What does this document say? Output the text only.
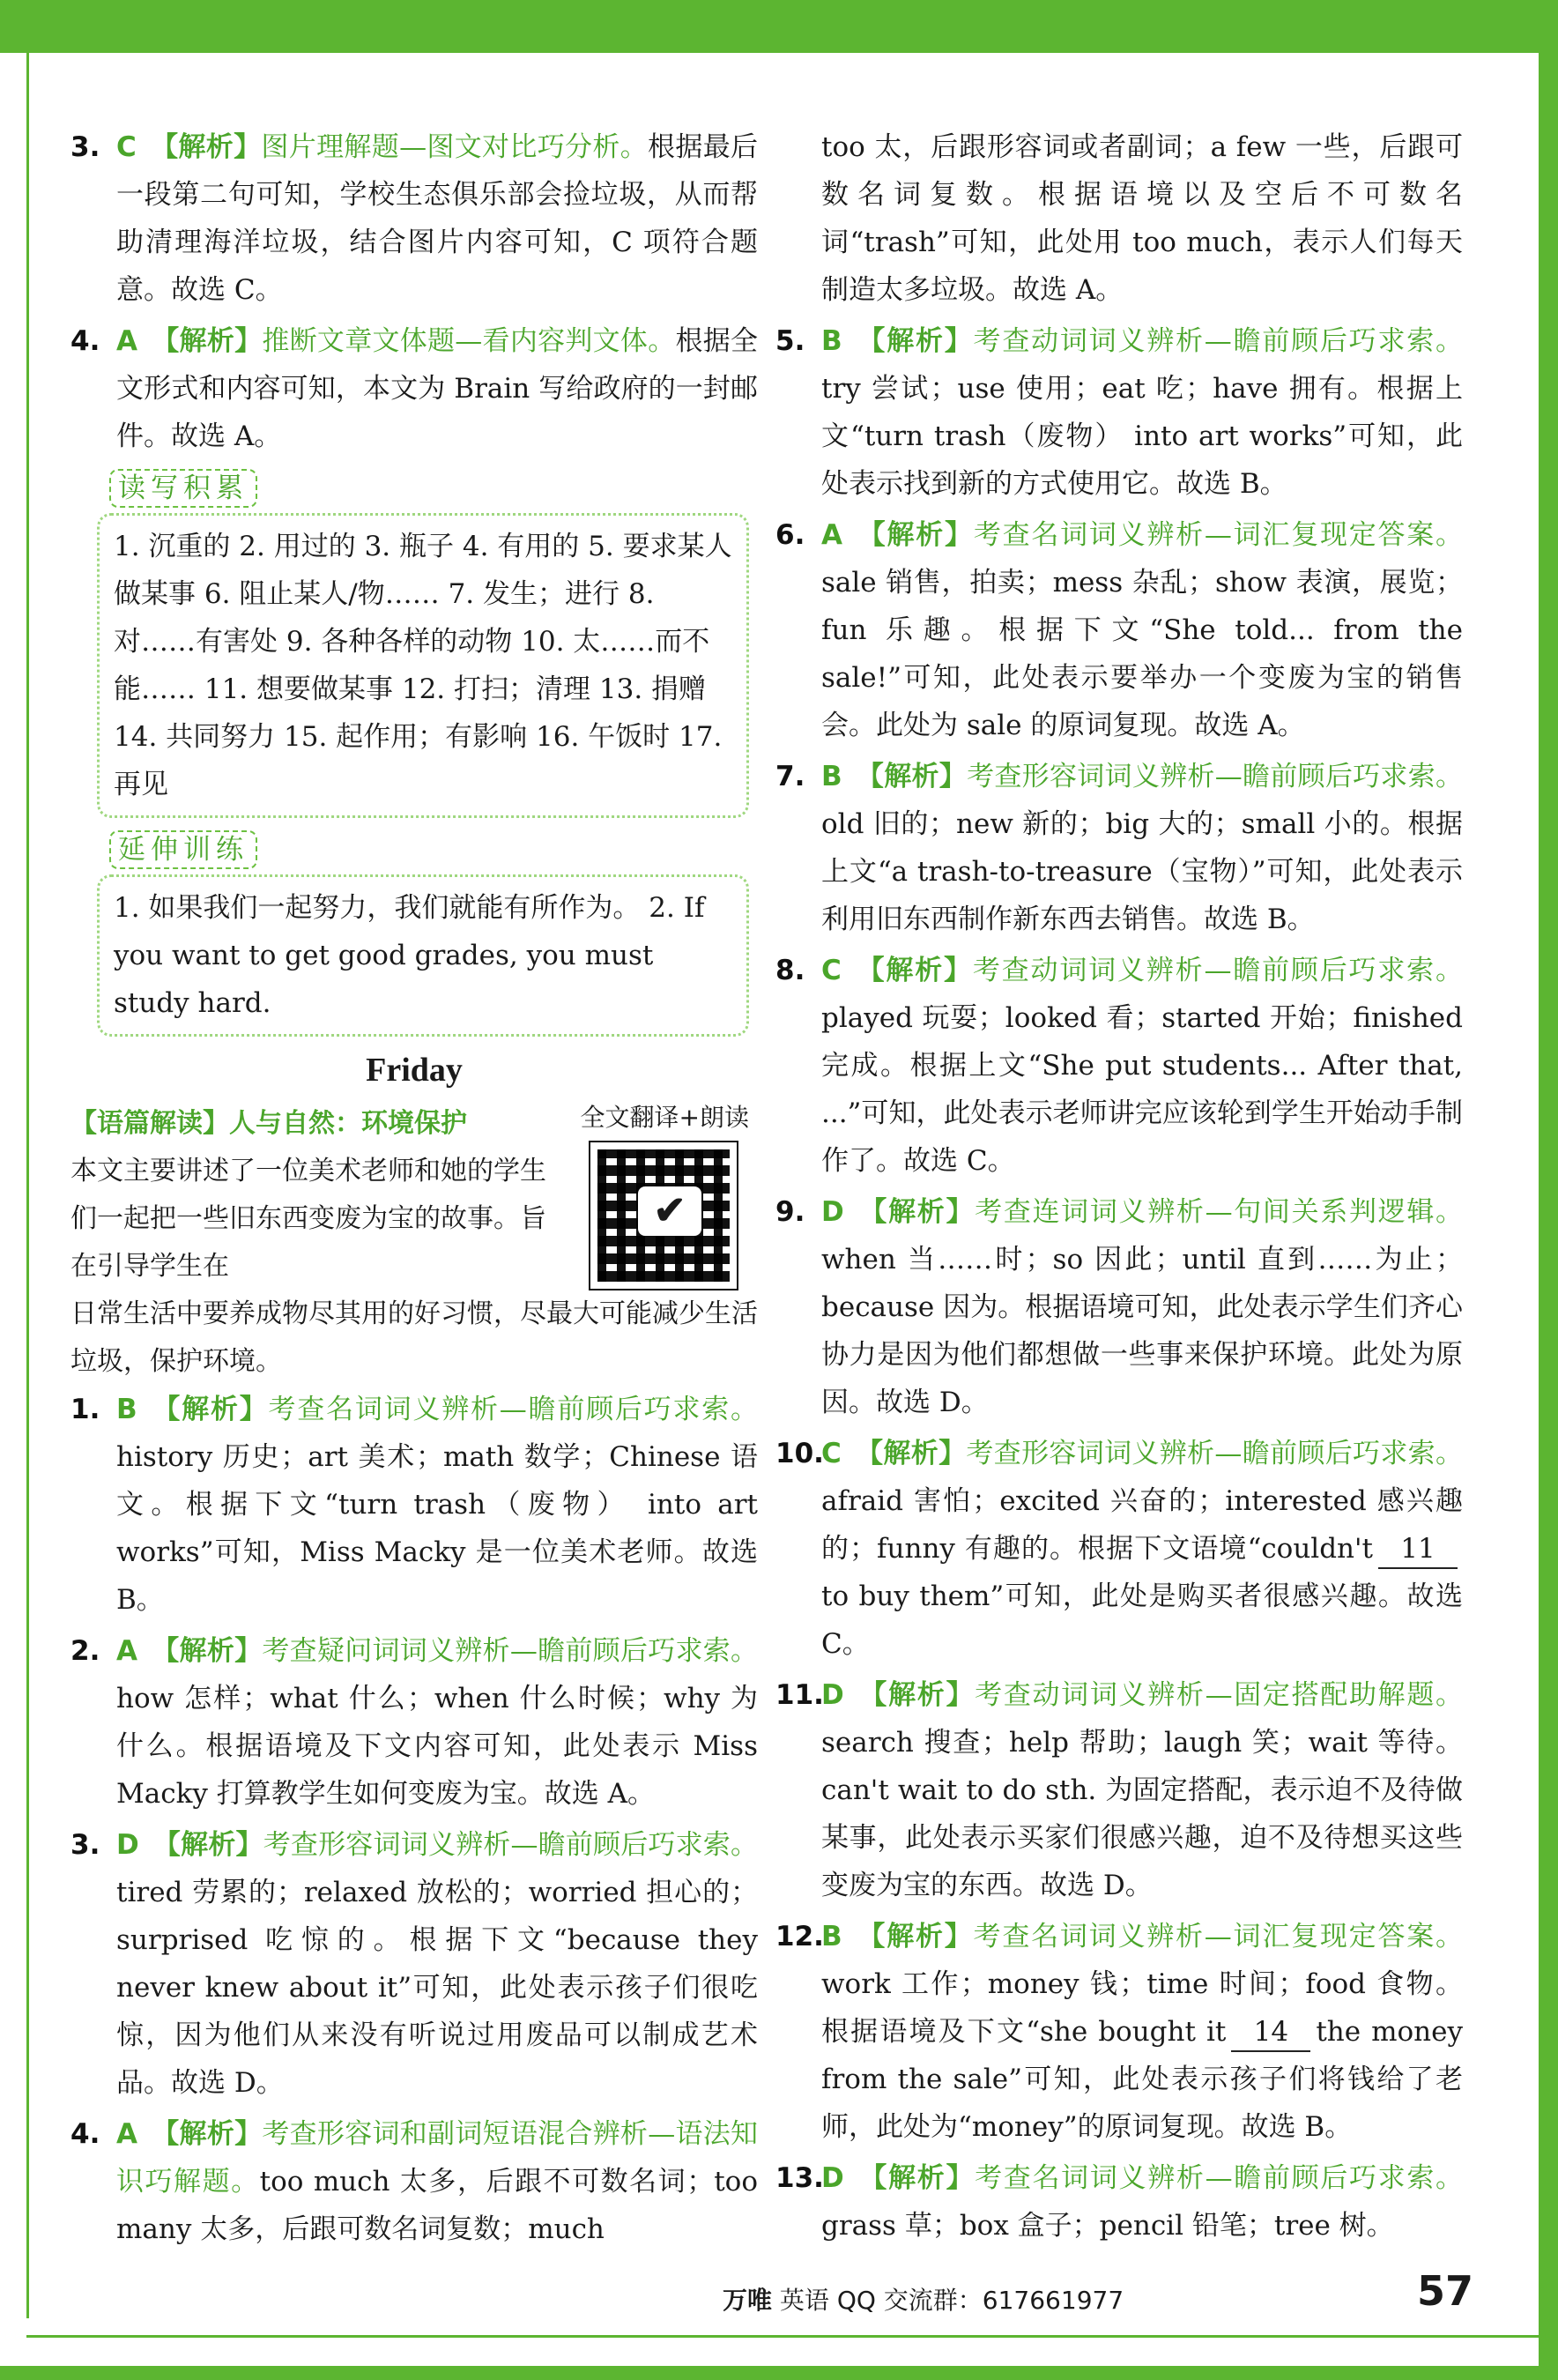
3. C 【解析】图片理解题—图文对比巧分析。根据最后一段第二句可知，学校生态俱乐部会捡垃圾，从而帮助清理海洋垃圾，结合图片内容可知，C 项符合题意。故选 C。
4. A 【解析】推断文章文体题—看内容判文体。根据全文形式和内容可知，本文为 Brain 写给政府的一封邮件。故选 A。
读写积累
1. 沉重的 2. 用过的 3. 瓶子 4. 有用的 5. 要求某人做某事 6. 阻止某人/物…… 7. 发生；进行 8. 对……有害处 9. 各种各样的动物 10. 太……而不能…… 11. 想要做某事 12. 打扫；清理 13. 捐赠 14. 共同努力 15. 起作用；有影响 16. 午饭时 17. 再见
延伸训练
1. 如果我们一起努力，我们就能有所作为。 2. If you want to get good grades, you must study hard.
Friday
全文翻译+朗读
✔
【语篇解读】人与自然：环境保护
本文主要讲述了一位美术老师和她的学生们一起把一些旧东西变废为宝的故事。旨在引导学生在
日常生活中要养成物尽其用的好习惯，尽最大可能减少生活垃圾，保护环境。
1. B 【解析】考查名词词义辨析—瞻前顾后巧求索。history 历史；art 美术；math 数学；Chinese 语文。根据下文“turn trash（废物） into art works”可知，Miss Macky 是一位美术老师。故选 B。
2. A 【解析】考查疑问词词义辨析—瞻前顾后巧求索。how 怎样；what 什么；when 什么时候；why 为什么。根据语境及下文内容可知，此处表示 Miss Macky 打算教学生如何变废为宝。故选 A。
3. D 【解析】考查形容词词义辨析—瞻前顾后巧求索。tired 劳累的；relaxed 放松的；worried 担心的；surprised 吃惊的。根据下文“because they never knew about it”可知，此处表示孩子们很吃惊，因为他们从来没有听说过用废品可以制成艺术品。故选 D。
4. A 【解析】考查形容词和副词短语混合辨析—语法知识巧解题。too much 太多，后跟不可数名词；too many 太多，后跟可数名词复数；much
too 太，后跟形容词或者副词；a few 一些，后跟可数名词复数。根据语境以及空后不可数名词“trash”可知，此处用 too much，表示人们每天制造太多垃圾。故选 A。
5. B 【解析】考查动词词义辨析—瞻前顾后巧求索。try 尝试；use 使用；eat 吃；have 拥有。根据上文“turn trash（废物） into art works”可知，此处表示找到新的方式使用它。故选 B。
6. A 【解析】考查名词词义辨析—词汇复现定答案。sale 销售，拍卖；mess 杂乱；show 表演，展览；fun 乐趣。根据下文“She told... from the sale!”可知，此处表示要举办一个变废为宝的销售会。此处为 sale 的原词复现。故选 A。
7. B 【解析】考查形容词词义辨析—瞻前顾后巧求索。old 旧的；new 新的；big 大的；small 小的。根据上文“a trash-to-treasure（宝物）”可知，此处表示利用旧东西制作新东西去销售。故选 B。
8. C 【解析】考查动词词义辨析—瞻前顾后巧求索。played 玩耍；looked 看；started 开始；finished 完成。根据上文“She put students... After that, ...”可知，此处表示老师讲完应该轮到学生开始动手制作了。故选 C。
9. D 【解析】考查连词词义辨析—句间关系判逻辑。when 当……时；so 因此；until 直到……为止；because 因为。根据语境可知，此处表示学生们齐心协力是因为他们都想做一些事来保护环境。此处为原因。故选 D。
10.
C 【解析】考查形容词词义辨析—瞻前顾后巧求索。afraid 害怕；excited 兴奋的；interested 感兴趣的；funny 有趣的。根据下文语境“couldn't 11to buy them”可知，此处是购买者很感兴趣。故选 C。
11.
D 【解析】考查动词词义辨析—固定搭配助解题。search 搜查；help 帮助；laugh 笑；wait 等待。can't wait to do sth. 为固定搭配，表示迫不及待做某事，此处表示买家们很感兴趣，迫不及待想买这些变废为宝的东西。故选 D。
12.
B 【解析】考查名词词义辨析—词汇复现定答案。work 工作；money 钱；time 时间；food 食物。根据语境及下文“she bought it 14 the money from the sale”可知，此处表示孩子们将钱给了老师，此处为“money”的原词复现。故选 B。
13.
D 【解析】考查名词词义辨析—瞻前顾后巧求索。grass 草；box 盒子；pencil 铅笔；tree 树。
万唯 英语 QQ 交流群：617661977	57
